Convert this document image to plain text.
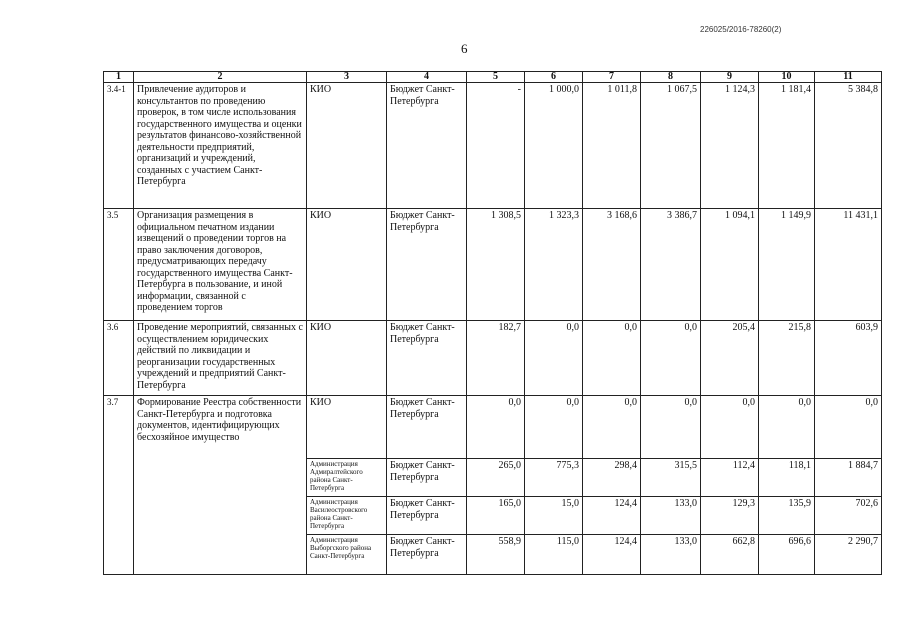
226025/2016-78260(2)
6
1	2	3	4	5	6	7	8	9	10	11
3.4-1	Привлечение аудиторов и консультантов по проведению проверок, в том числе использования государственного имущества и оценки результатов финансово-хозяйственной деятельности предприятий, организаций и учреждений, созданных с участием Санкт-Петербурга	КИО	Бюджет Санкт-Петербурга	-	1 000,0	1 011,8	1 067,5	1 124,3	1 181,4	5 384,8
3.5	Организация размещения в официальном печатном издании извещений о проведении торгов на право заключения договоров, предусматривающих передачу государственного имущества Санкт-Петербурга в пользование, и иной информации, связанной с проведением торгов	КИО	Бюджет Санкт-Петербурга	1 308,5	1 323,3	3 168,6	3 386,7	1 094,1	1 149,9	11 431,1
3.6	Проведение мероприятий, связанных с осуществлением юридических действий по ликвидации и реорганизации государственных учреждений и предприятий Санкт-Петербурга	КИО	Бюджет Санкт-Петербурга	182,7	0,0	0,0	0,0	205,4	215,8	603,9
3.7	Формирование Реестра собственности Санкт-Петербурга и подготовка документов, идентифицирующих бесхозяйное имущество	КИО	Бюджет Санкт-Петербурга	0,0	0,0	0,0	0,0	0,0	0,0	0,0
		Администрация Адмиралтейского района Санкт-Петербурга	Бюджет Санкт-Петербурга	265,0	775,3	298,4	315,5	112,4	118,1	1 884,7
		Администрация Василеостровского района Санкт-Петербурга	Бюджет Санкт-Петербурга	165,0	15,0	124,4	133,0	129,3	135,9	702,6
		Администрация Выборгского района Санкт-Петербурга	Бюджет Санкт-Петербурга	558,9	115,0	124,4	133,0	662,8	696,6	2 290,7
